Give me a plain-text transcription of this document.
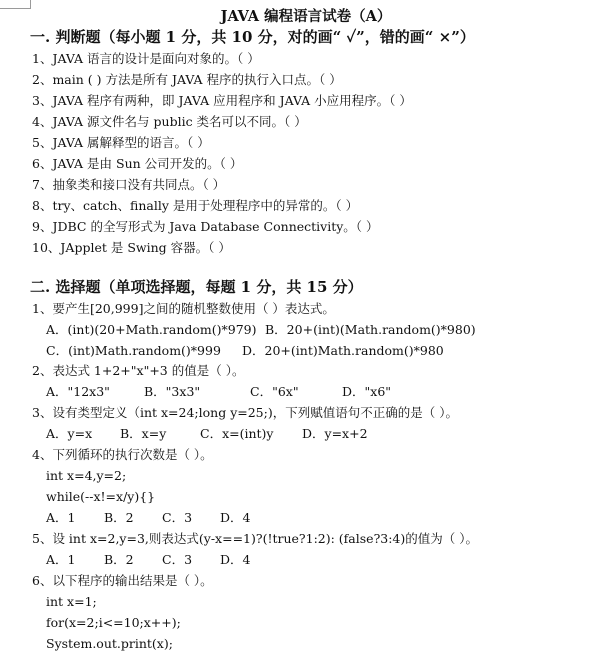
JAVA 编程语言试卷（A）
一. 判断题（每小题 1 分，共 10 分，对的画“ ✓”，错的画“ ×”）
1、JAVA 语言的设计是面向对象的。（ ）
2、main ( ) 方法是所有 JAVA 程序的执行入口点。（ ）
3、JAVA 程序有两种，即 JAVA 应用程序和 JAVA 小应用程序。（ ）
4、JAVA 源文件名与 public 类名可以不同。（ ）
5、JAVA 属解释型的语言。（ ）
6、JAVA 是由 Sun 公司开发的。（ ）
7、抽象类和接口没有共同点。（ ）
8、try、catch、finally 是用于处理程序中的异常的。（ ）
9、JDBC 的全写形式为 Java Database Connectivity。（ ）
10、JApplet 是 Swing 容器。（ ）
二. 选择题（单项选择题，每题 1 分，共 15 分）
1、要产生[20,999]之间的随机整数使用（ ）表达式。
A．(int)(20+Math.random()*979) B．20+(int)(Math.random()*980)
C．(int)Math.random()*999 D．20+(int)Math.random()*980
2、表达式 1+2+"x"+3 的值是（ ）。
A．"12x3"	B．"3x3"	C．"6x"	D．"x6"
3、设有类型定义（int x=24;long y=25;)，下列赋值语句不正确的是（ ）。
A．y=x B．x=y	C．x=(int)y D．y=x+2
4、下列循环的执行次数是（ ）。
int x=4,y=2;
while(--x!=x/y){}
A．1 B．2 C．3 D．4
5、设 int x=2,y=3,则表达式(y-x==1)?(!true?1:2): (false?3:4)的值为（ ）。
A．1 B．2 C．3 D．4
6、以下程序的输出结果是（ ）。
int x=1;
for(x=2;i<=10;x++);
System.out.print(x);
